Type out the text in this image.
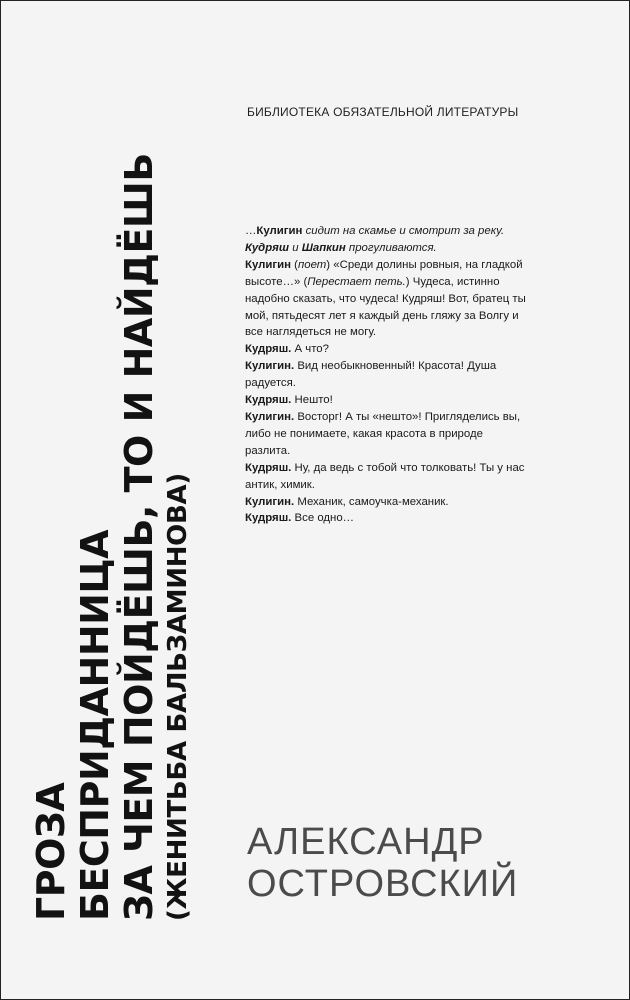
БИБЛИОТЕКА ОБЯЗАТЕЛЬНОЙ ЛИТЕРАТУРЫ
ГРОЗА БЕСПРИДАННИЦА ЗА ЧЕМ ПОЙДЁШЬ, ТО И НАЙДЁШЬ (ЖЕНИТЬБА БАЛЬЗАМИНОВА)

…Кулигин сидит на скамье и смотрит за реку. Кудряш и Шапкин прогуливаются.

Кулигин (поет) «Среди долины ровныя, на гладкой высоте…» (Перестает петь.) Чудеса, истинно надобно сказать, что чудеса! Кудряш! Вот, братец ты мой, пятьдесят лет я каждый день гляжу за Волгу и все наглядеться не могу.

Кудряш. А что?

Кулигин. Вид необыкновенный! Красота! Душа радуется.

Кудряш. Нешто!

Кулигин. Восторг! А ты «нешто»! Пригляделись вы, либо не понимаете, какая красота в природе разлита.

Кудряш. Ну, да ведь с тобой что толковать! Ты у нас антик, химик.

Кулигин. Механик, самоучка-механик.

Кудряш. Все одно…

АЛЕКСАНДР
ОСТРОВСКИЙ
